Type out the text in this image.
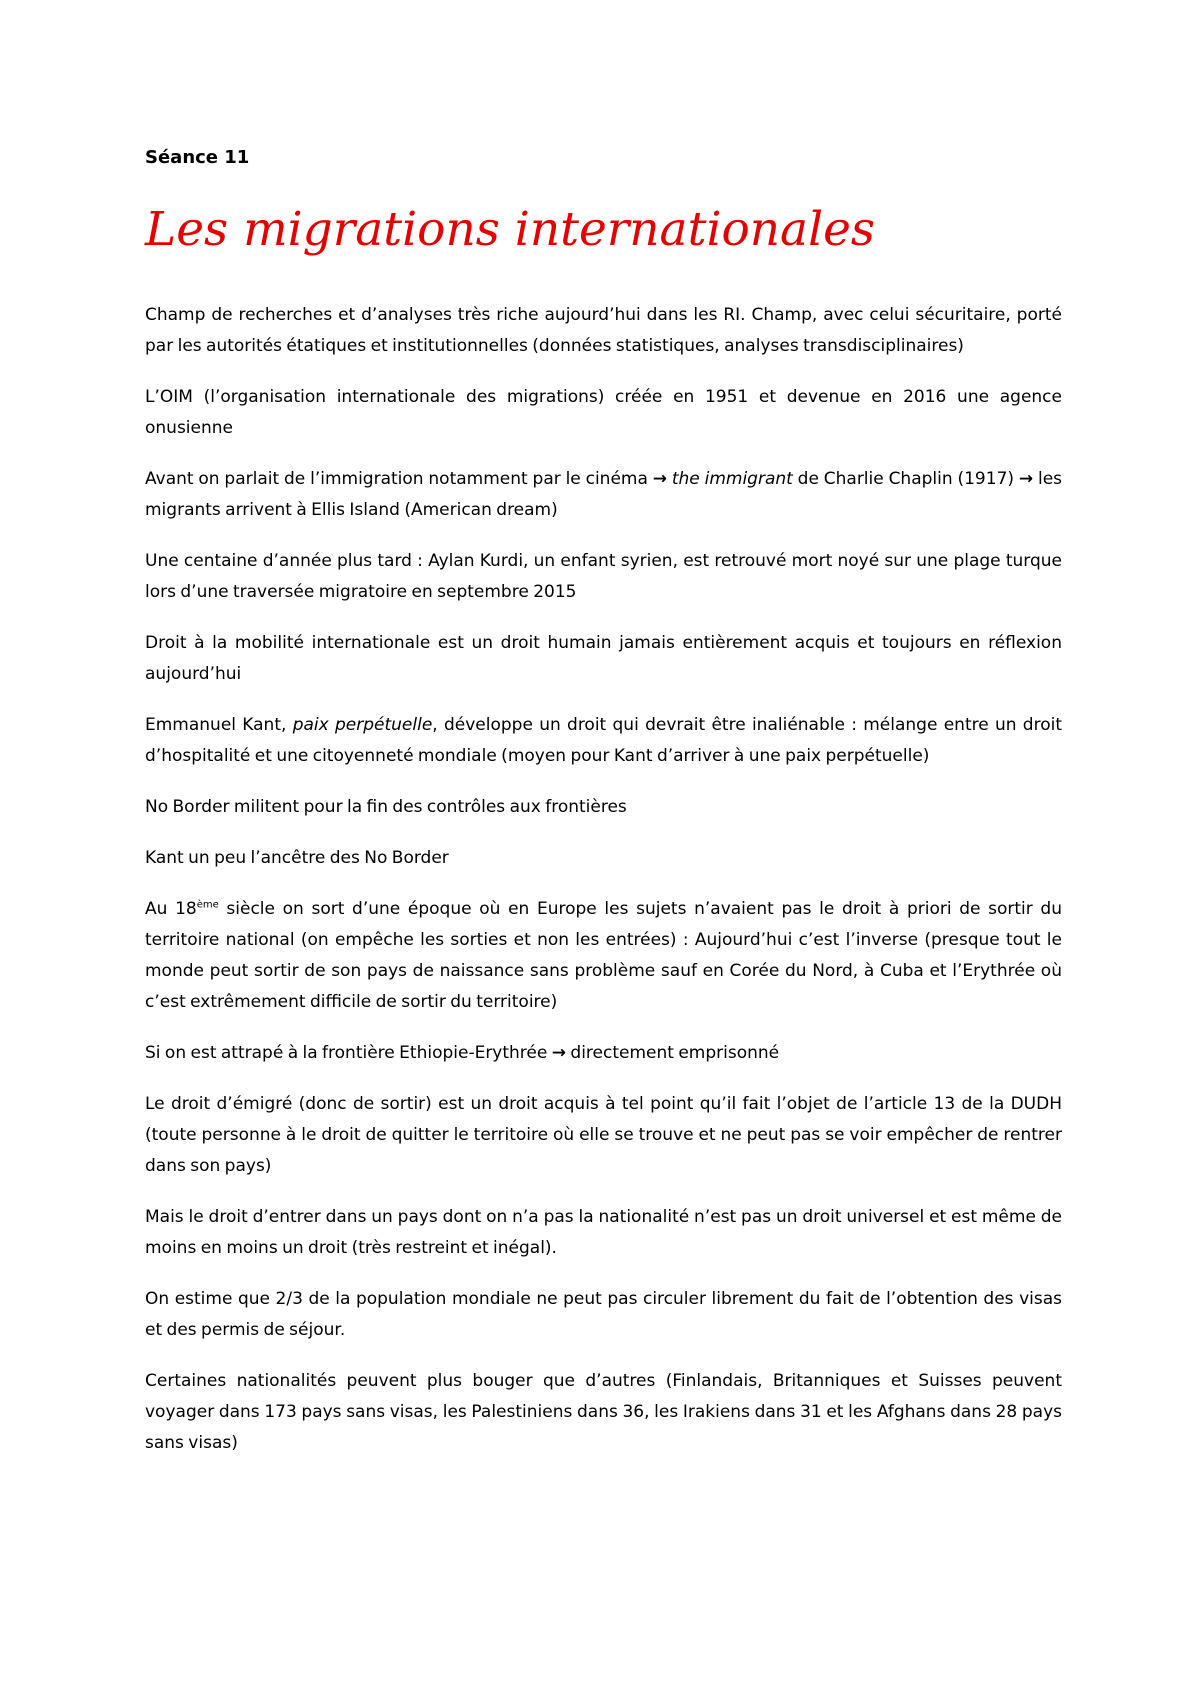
Séance 11
Les migrations internationales

Champ de recherches et d’analyses très riche aujourd’hui dans les RI. Champ, avec celui sécuritaire, porté par les autorités étatiques et institutionnelles (données statistiques, analyses transdisciplinaires)

L’OIM (l’organisation internationale des migrations) créée en 1951 et devenue en 2016 une agence onusienne

Avant on parlait de l’immigration notamment par le cinéma → the immigrant de Charlie Chaplin (1917) → les migrants arrivent à Ellis Island (American dream)

Une centaine d’année plus tard : Aylan Kurdi, un enfant syrien, est retrouvé mort noyé sur une plage turque lors d’une traversée migratoire en septembre 2015

Droit à la mobilité internationale est un droit humain jamais entièrement acquis et toujours en réflexion aujourd’hui

Emmanuel Kant, paix perpétuelle, développe un droit qui devrait être inaliénable : mélange entre un droit d’hospitalité et une citoyenneté mondiale (moyen pour Kant d’arriver à une paix perpétuelle)

No Border militent pour la fin des contrôles aux frontières

Kant un peu l’ancêtre des No Border

Au 18ème siècle on sort d’une époque où en Europe les sujets n’avaient pas le droit à priori de sortir du territoire national (on empêche les sorties et non les entrées) : Aujourd’hui c’est l’inverse (presque tout le monde peut sortir de son pays de naissance sans problème sauf en Corée du Nord, à Cuba et l’Erythrée où c’est extrêmement difficile de sortir du territoire)

Si on est attrapé à la frontière Ethiopie-Erythrée → directement emprisonné

Le droit d’émigré (donc de sortir) est un droit acquis à tel point qu’il fait l’objet de l’article 13 de la DUDH (toute personne à le droit de quitter le territoire où elle se trouve et ne peut pas se voir empêcher de rentrer dans son pays)

Mais le droit d’entrer dans un pays dont on n’a pas la nationalité n’est pas un droit universel et est même de moins en moins un droit (très restreint et inégal).

On estime que 2/3 de la population mondiale ne peut pas circuler librement du fait de l’obtention des visas et des permis de séjour.

Certaines nationalités peuvent plus bouger que d’autres (Finlandais, Britanniques et Suisses peuvent voyager dans 173 pays sans visas, les Palestiniens dans 36, les Irakiens dans 31 et les Afghans dans 28 pays sans visas)
